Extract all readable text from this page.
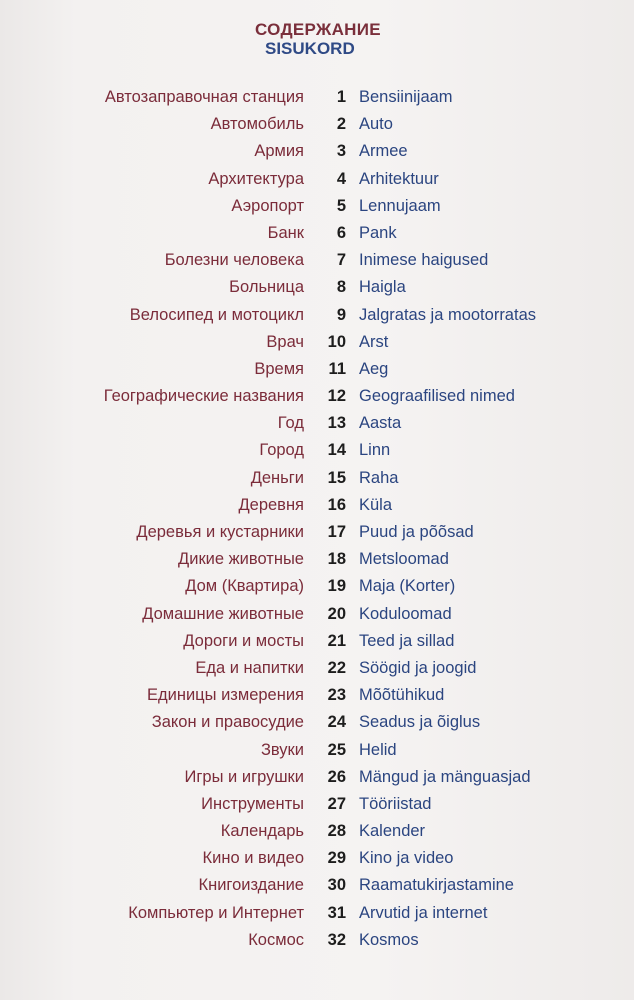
СОДЕРЖАНИЕ
SISUKORD
Автозаправочная станция	1 Bensiinijaam
Автомобиль	2 Auto
Армия	3 Armee
Архитектура	4 Arhitektuur
Аэропорт	5 Lennujaam
Банк	6 Pank
Болезни человека	7 Inimese haigused
Больница	8 Haigla
Велосипед и мотоцикл	9 Jalgratas ja mootorratas
Врач	10 Arst
Время	11 Aeg
Географические названия	12 Geograafilised nimed
Год	13 Aasta
Город	14 Linn
Деньги	15 Raha
Деревня	16 Küla
Деревья и кустарники	17 Puud ja põõsad
Дикие животные	18 Metsloomad
Дом (Квартира)	19 Maja (Korter)
Домашние животные	20 Koduloomad
Дороги и мосты	21 Teed ja sillad
Еда и напитки	22 Söögid ja joogid
Единицы измерения	23 Mõõtühikud
Закон и правосудие	24 Seadus ja õiglus
Звуки	25 Helid
Игры и игрушки	26 Mängud ja mänguasjad
Инструменты	27 Tööriistad
Календарь	28 Kalender
Кино и видео	29 Kino ja video
Книгоиздание	30 Raamatukirjastamine
Компьютер и Интернет	31 Arvutid ja internet
Космос	32 Kosmos
